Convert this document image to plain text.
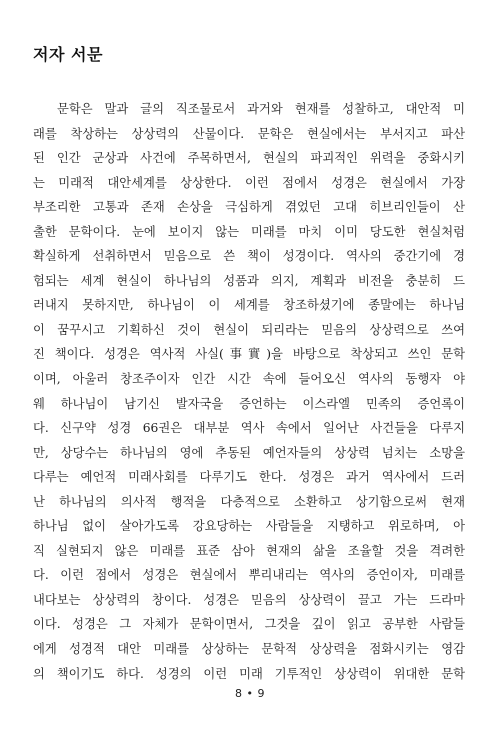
저자 서문
문학은 말과 글의 직조물로서 과거와 현재를 성찰하고, 대안적 미
래를 착상하는 상상력의 산물이다. 문학은 현실에서는 부서지고 파산
된 인간 군상과 사건에 주목하면서, 현실의 파괴적인 위력을 중화시키
는 미래적 대안세계를 상상한다. 이런 점에서 성경은 현실에서 가장
부조리한 고통과 존재 손상을 극심하게 겪었던 고대 히브리인들이 산
출한 문학이다. 눈에 보이지 않는 미래를 마치 이미 당도한 현실처럼
확실하게 선취하면서 믿음으로 쓴 책이 성경이다. 역사의 중간기에 경
험되는 세계 현실이 하나님의 성품과 의지, 계획과 비전을 충분히 드
러내지 못하지만, 하나님이 이 세계를 창조하셨기에 종말에는 하나님
이 꿈꾸시고 기획하신 것이 현실이 되리라는 믿음의 상상력으로 쓰여
진 책이다. 성경은 역사적 사실(事實)을 바탕으로 착상되고 쓰인 문학
이며, 아울러 창조주이자 인간 시간 속에 들어오신 역사의 동행자 야
웨 하나님이 남기신 발자국을 증언하는 이스라엘 민족의 증언록이
다. 신구약 성경 66권은 대부분 역사 속에서 일어난 사건들을 다루지
만, 상당수는 하나님의 영에 추동된 예언자들의 상상력 넘치는 소망을
다루는 예언적 미래사회를 다루기도 한다. 성경은 과거 역사에서 드러
난 하나님의 의사적 행적을 다층적으로 소환하고 상기함으로써 현재
하나님 없이 살아가도록 강요당하는 사람들을 지탱하고 위로하며, 아
직 실현되지 않은 미래를 표준 삼아 현재의 삶을 조율할 것을 격려한
다. 이런 점에서 성경은 현실에서 뿌리내리는 역사의 증언이자, 미래를
내다보는 상상력의 창이다. 성경은 믿음의 상상력이 끌고 가는 드라마
이다. 성경은 그 자체가 문학이면서, 그것을 깊이 읽고 공부한 사람들
에게 성경적 대안 미래를 상상하는 문학적 상상력을 점화시키는 영감
의 책이기도 하다. 성경의 이런 미래 기투적인 상상력이 위대한 문학
8 • 9
